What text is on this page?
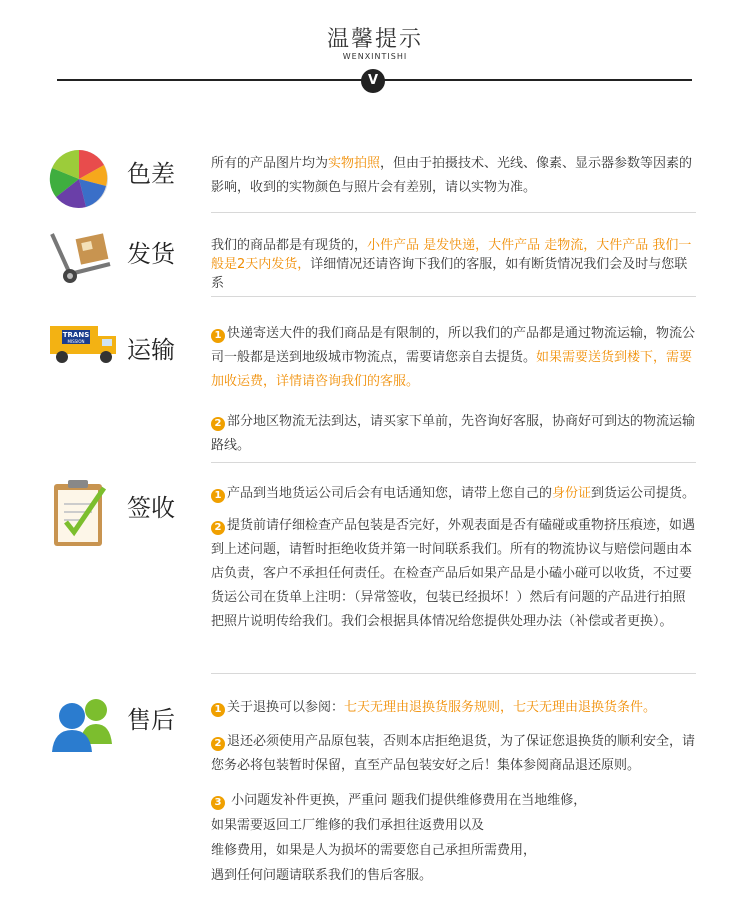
温馨提示
WENXINTISHI
V
色差	所有的产品图片均为实物拍照，但由于拍摄技术、光线、像素、显示器参数等因素的影响，收到的实物颜色与照片会有差别，请以实物为准。
发货	我们的商品都是有现货的，小件产品 是发快递，大件产品 走物流，大件产品 我们一般是2天内发货，详细情况还请咨询下我们的客服，如有断货情况我们会及时与您联系
TRANS
MISSION 运输
1 快递寄送大件的我们商品是有限制的，所以我们的产品都是通过物流运输，物流公司一般都是送到地级城市物流点，需要请您亲自去提货。如果需要送货到楼下，需要加收运费，详情请咨询我们的客服。
2 部分地区物流无法到达，请买家下单前，先咨询好客服，协商好可到达的物流运输路线。
签收	1 产品到当地货运公司后会有电话通知您，请带上您自己的身份证到货运公司提货。
2 提货前请仔细检查产品包装是否完好，外观表面是否有磕碰或重物挤压痕迹，如遇到上述问题，请暂时拒绝收货并第一时间联系我们。所有的物流协议与赔偿问题由本店负责，客户不承担任何责任。在检查产品后如果产品是小磕小碰可以收货，不过要货运公司在货单上注明：（异常签收，包装已经损坏！）然后有问题的产品进行拍照把照片说明传给我们。我们会根据具体情况给您提供处理办法（补偿或者更换）。
售后	1 关于退换可以参阅：七天无理由退换货服务规则，七天无理由退换货条件。
2 退还必须使用产品原包装，否则本店拒绝退货，为了保证您退换货的顺利安全，请您务必将包装暂时保留，直至产品包装安好之后！集体参阅商品退还原则。
3 小问题发补件更换，严重问 题我们提供维修费用在当地维修，
如果需要返回工厂维修的我们承担往返费用以及
维修费用，如果是人为损坏的需要您自己承担所需费用，
遇到任何问题请联系我们的售后客服。
